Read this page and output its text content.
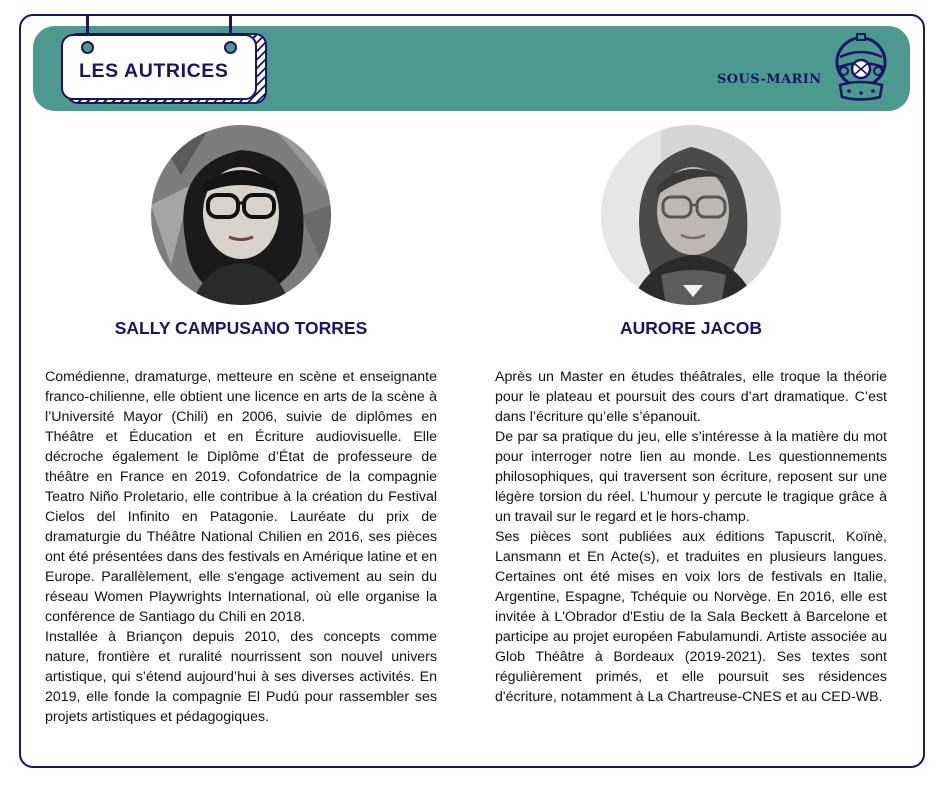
LES AUTRICES	SOUS-MARIN
SALLY CAMPUSANO TORRES	AURORE JACOB

Comédienne, dramaturge, metteure en scène et enseignante franco-chilienne, elle obtient une licence en arts de la scène à l’Université Mayor (Chili) en 2006, suivie de diplômes en Théâtre et Éducation et en Écriture audiovisuelle. Elle décroche également le Diplôme d’État de professeure de théâtre en France en 2019. Cofondatrice de la compagnie Teatro Niño Proletario, elle contribue à la création du Festival Cielos del Infinito en Patagonie. Lauréate du prix de dramaturgie du Théâtre National Chilien en 2016, ses pièces ont été présentées dans des festivals en Amérique latine et en Europe. Parallèlement, elle s'engage activement au sein du réseau Women Playwrights International, où elle organise la conférence de Santiago du Chili en 2018.

Installée à Briançon depuis 2010, des concepts comme nature, frontière et ruralité nourrissent son nouvel univers artistique, qui s’étend aujourd’hui à ses diverses activités. En 2019, elle fonde la compagnie El Pudú pour rassembler ses projets artistiques et pédagogiques.

Après un Master en études théâtrales, elle troque la théorie pour le plateau et poursuit des cours d’art dramatique. C’est dans l’écriture qu’elle s’épanouit.

De par sa pratique du jeu, elle s’intéresse à la matière du mot pour interroger notre lien au monde. Les questionnements philosophiques, qui traversent son écriture, reposent sur une légère torsion du réel. L’humour y percute le tragique grâce à un travail sur le regard et le hors-champ.

Ses pièces sont publiées aux éditions Tapuscrit, Koïnè, Lansmann et En Acte(s), et traduites en plusieurs langues. Certaines ont été mises en voix lors de festivals en Italie, Argentine, Espagne, Tchéquie ou Norvège. En 2016, elle est invitée à L'Obrador d'Estiu de la Sala Beckett à Barcelone et participe au projet européen Fabulamundi. Artiste associée au Glob Théâtre à Bordeaux (2019-2021). Ses textes sont régulièrement primés, et elle poursuit ses résidences d'écriture, notamment à La Chartreuse-CNES et au CED-WB.
